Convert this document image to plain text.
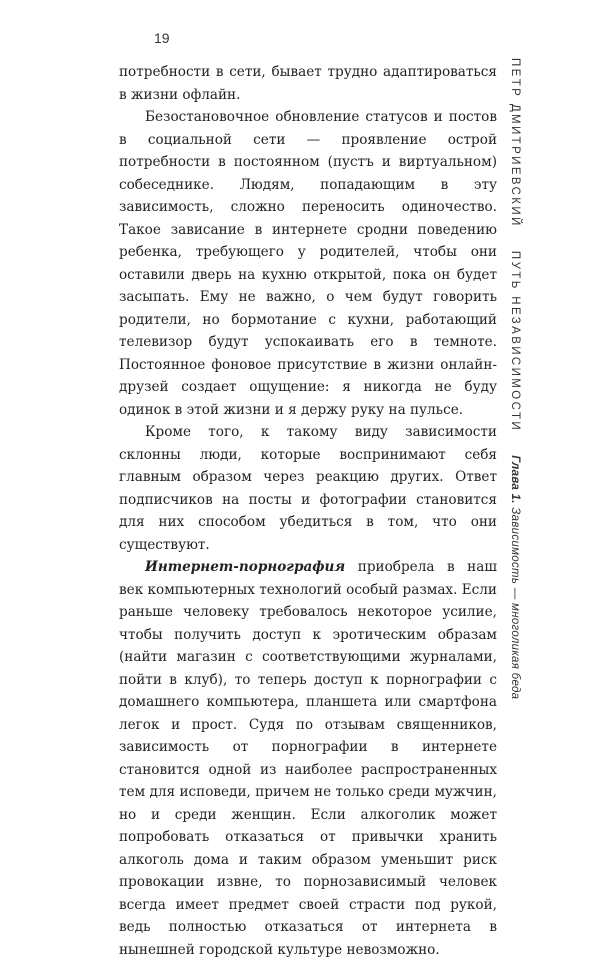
19
ПЕТР ДМИТРИЕВСКИЙ

ПУТЬ НЕЗАВИСИМОСТИ

Глава 1. Зависимость — многоликая беда

потребности в сети, бывает трудно адаптироваться в жизни офлайн.

Безостановочное обновление статусов и постов в социальной сети — проявление острой потребности в постоянном (пустъ и виртуальном) собеседнике. Людям, попадающим в эту зависимость, сложно переносить одиночество. Такое зависание в интернете сродни поведению ребенка, требующего у родителей, чтобы они оставили дверь на кухню открытой, пока он будет засыпать. Ему не важно, о чем будут говорить родители, но бормотание с кухни, работающий телевизор будут успокаивать его в темноте. Постоянное фоновое присутствие в жизни онлайн-друзей создает ощущение: я никогда не буду одинок в этой жизни и я держу руку на пульсе.

Кроме того, к такому виду зависимости склонны люди, которые воспринимают себя главным образом через реакцию других. Ответ подписчиков на посты и фотографии становится для них способом убедиться в том, что они существуют.

Интернет-порнография приобрела в наш век компьютерных технологий особый размах. Если раньше человеку требовалось некоторое усилие, чтобы получить доступ к эротическим образам (найти магазин с соответствующими журналами, пойти в клуб), то теперь доступ к порнографии с домашнего компьютера, планшета или смартфона легок и прост. Судя по отзывам священников, зависимость от порнографии в интернете становится одной из наиболее распространенных тем для исповеди, причем не только среди мужчин, но и среди женщин. Если алкоголик может попробовать отказаться от привычки хранить алкоголь дома и таким образом уменьшит риск провокации извне, то порнозависимый человек всегда имеет предмет своей страсти под рукой, ведь полностью отказаться от интернета в нынешней городской культуре невозможно.
